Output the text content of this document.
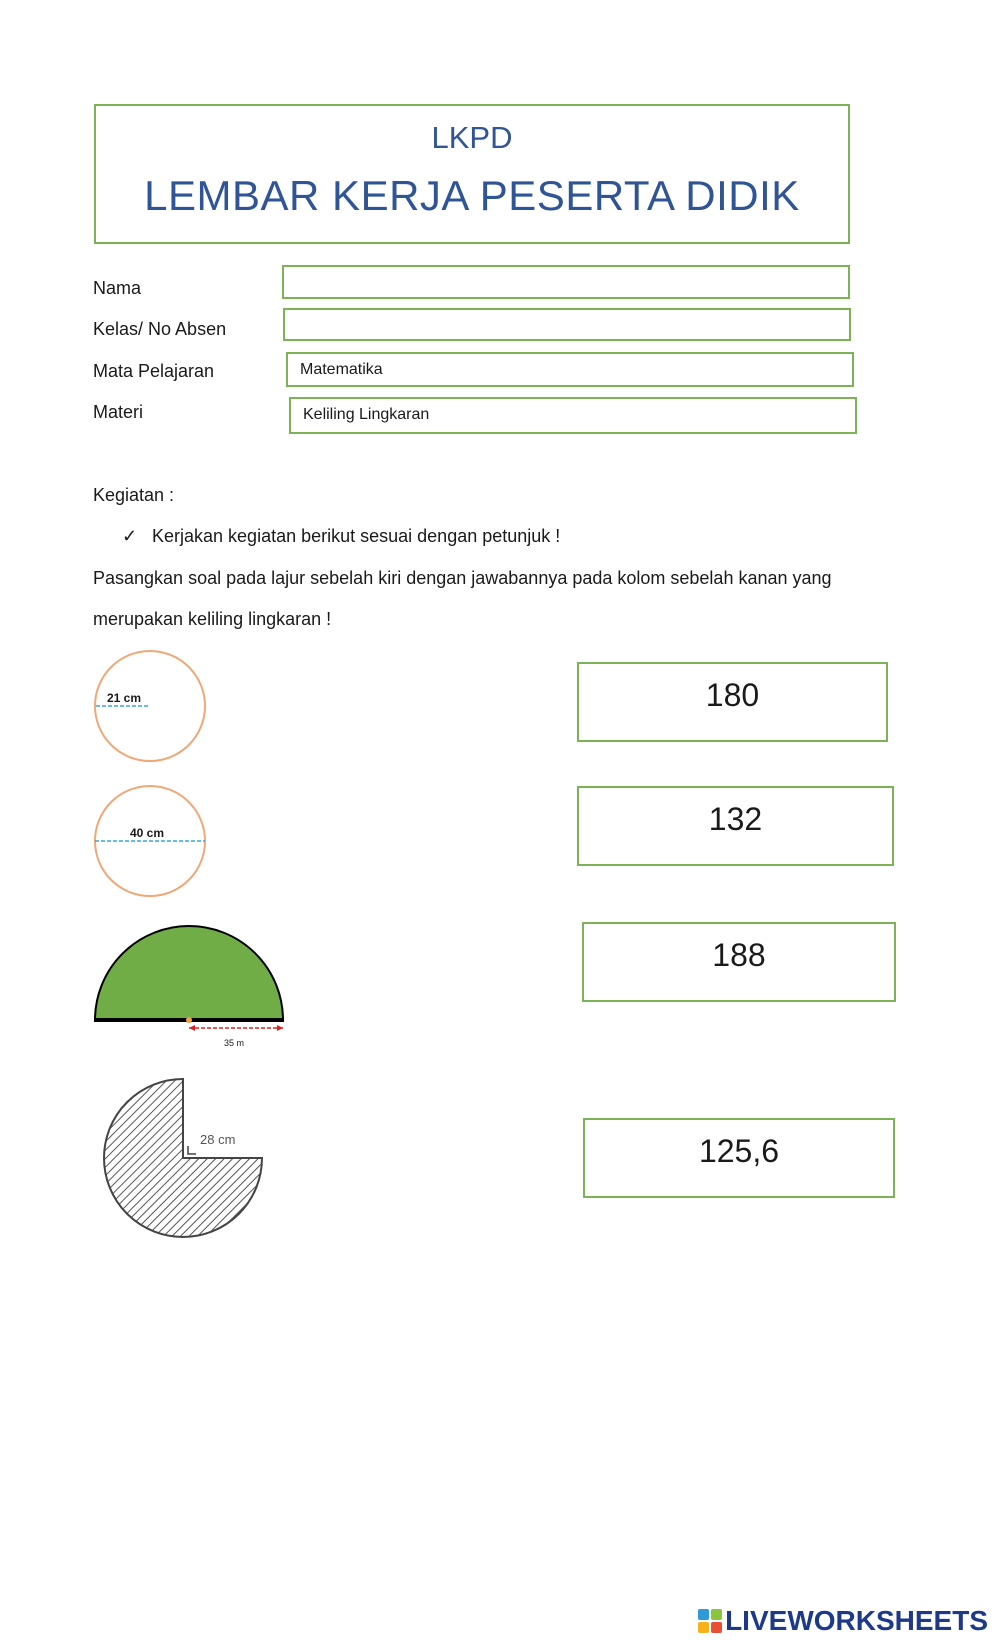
LKPD
LEMBAR KERJA PESERTA DIDIK
Nama
Kelas/ No Absen
Mata Pelajaran	Matematika
Materi	Keliling Lingkaran
Kegiatan :
✓ Kerjakan kegiatan berikut sesuai dengan petunjuk !
Pasangkan soal pada lajur sebelah kiri dengan jawabannya pada kolom sebelah kanan yang
merupakan keliling lingkaran !
21 cm
40 cm
35 m
28 cm
180
132
188
125,6
LIVEWORKSHEETS
